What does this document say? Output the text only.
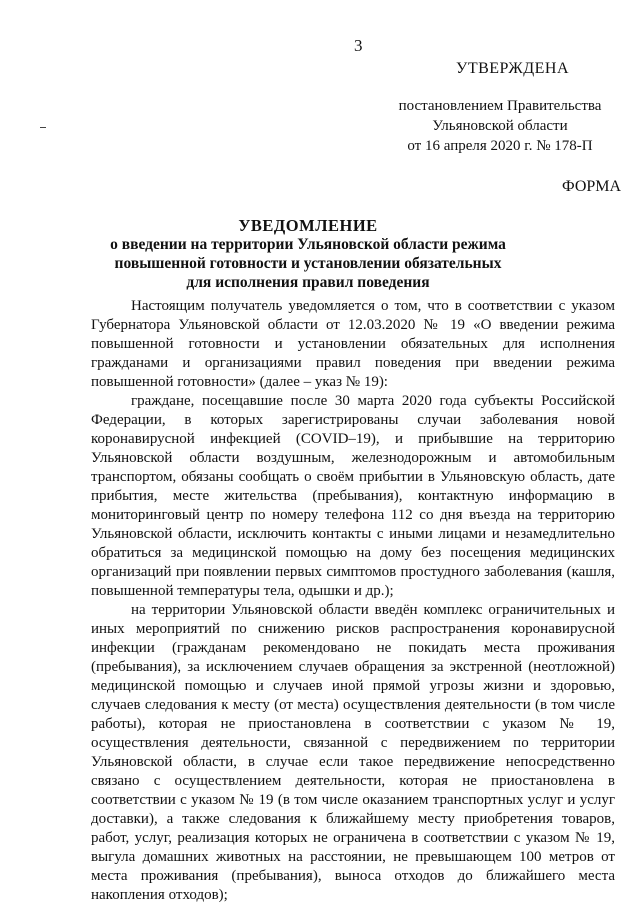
3
УТВЕРЖДЕНА
постановлением Правительства
Ульяновской области
от 16 апреля 2020 г. № 178-П
ФОРМА
УВЕДОМЛЕНИЕ
о введении на территории Ульяновской области режима
повышенной готовности и установлении обязательных
для исполнения правил поведения

Настоящим получатель уведомляется о том, что в соответствии с указом Губернатора Ульяновской области от 12.03.2020 № 19 «О введении режима повышенной готовности и установлении обязательных для исполнения гражданами и организациями правил поведения при введении режима повышенной готовности» (далее – указ № 19):

граждане, посещавшие после 30 марта 2020 года субъекты Российской Федерации, в которых зарегистрированы случаи заболевания новой коронавирусной инфекцией (COVID–19), и прибывшие на территорию Ульяновской области воздушным, железнодорожным и автомобильным транспортом, обязаны сообщать о своём прибытии в Ульяновскую область, дате прибытия, месте жительства (пребывания), контактную информацию в мониторинговый центр по номеру телефона 112 со дня въезда на территорию Ульяновской области, исключить контакты с иными лицами и незамедлительно обратиться за медицинской помощью на дому без посещения медицинских организаций при появлении первых симптомов простудного заболевания (кашля, повышенной температуры тела, одышки и др.);

на территории Ульяновской области введён комплекс ограничительных и иных мероприятий по снижению рисков распространения коронавирусной инфекции (гражданам рекомендовано не покидать места проживания (пребывания), за исключением случаев обращения за экстренной (неотложной) медицинской помощью и случаев иной прямой угрозы жизни и здоровью, случаев следования к месту (от места) осуществления деятельности (в том числе работы), которая не приостановлена в соответствии с указом № 19, осуществления деятельности, связанной с передвижением по территории Ульяновской области, в случае если такое передвижение непосредственно связано с осуществлением деятельности, которая не приостановлена в соответствии с указом № 19 (в том числе оказанием транспортных услуг и услуг доставки), а также следования к ближайшему месту приобретения товаров, работ, услуг, реализация которых не ограничена в соответствии с указом № 19, выгула домашних животных на расстоянии, не превышающем 100 метров от места проживания (пребывания), выноса отходов до ближайшего места накопления отходов);
